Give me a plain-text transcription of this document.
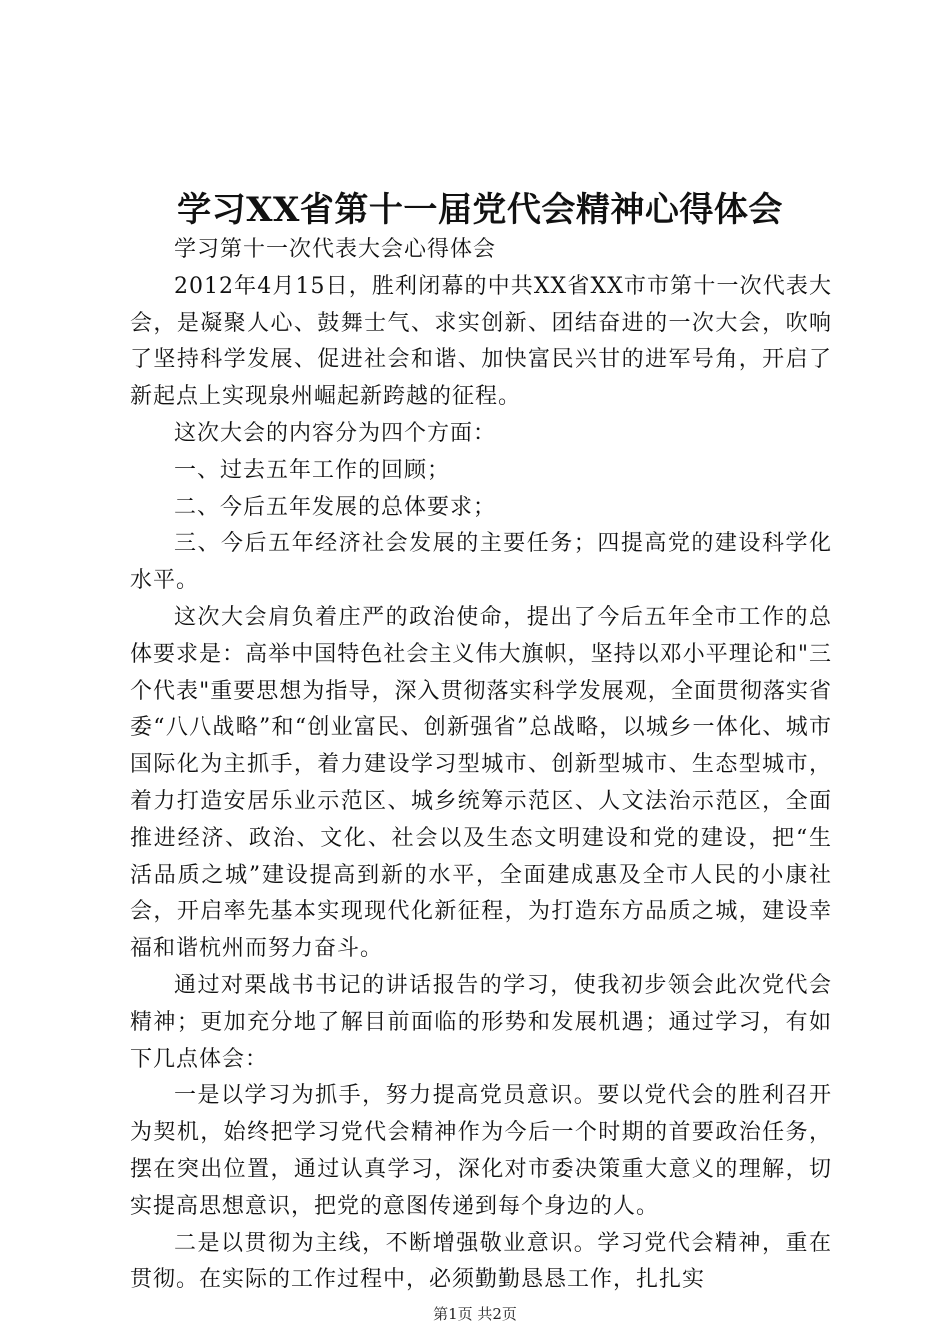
学习XX省第十一届党代会精神心得体会

学习第十一次代表大会心得体会

2012年4月15日，胜利闭幕的中共XX省XX市市第十一次代表大会，是凝聚人心、鼓舞士气、求实创新、团结奋进的一次大会，吹响了坚持科学发展、促进社会和谐、加快富民兴甘的进军号角，开启了新起点上实现泉州崛起新跨越的征程。

这次大会的内容分为四个方面：

一、过去五年工作的回顾；

二、今后五年发展的总体要求；

三、今后五年经济社会发展的主要任务；四提高党的建设科学化水平。

这次大会肩负着庄严的政治使命，提出了今后五年全市工作的总体要求是：高举中国特色社会主义伟大旗帜，坚持以邓小平理论和"三个代表"重要思想为指导，深入贯彻落实科学发展观，全面贯彻落实省委“八八战略”和“创业富民、创新强省”总战略，以城乡一体化、城市国际化为主抓手，着力建设学习型城市、创新型城市、生态型城市，着力打造安居乐业示范区、城乡统筹示范区、人文法治示范区，全面推进经济、政治、文化、社会以及生态文明建设和党的建设，把“生活品质之城”建设提高到新的水平，全面建成惠及全市人民的小康社会，开启率先基本实现现代化新征程，为打造东方品质之城，建设幸福和谐杭州而努力奋斗。

通过对栗战书书记的讲话报告的学习，使我初步领会此次党代会精神；更加充分地了解目前面临的形势和发展机遇；通过学习，有如下几点体会：

一是以学习为抓手，努力提高党员意识。要以党代会的胜利召开为契机，始终把学习党代会精神作为今后一个时期的首要政治任务，摆在突出位置，通过认真学习，深化对市委决策重大意义的理解，切实提高思想意识，把党的意图传递到每个身边的人。

二是以贯彻为主线，不断增强敬业意识。学习党代会精神，重在贯彻。在实际的工作过程中，必须勤勤恳恳工作，扎扎实

第1页 共2页
